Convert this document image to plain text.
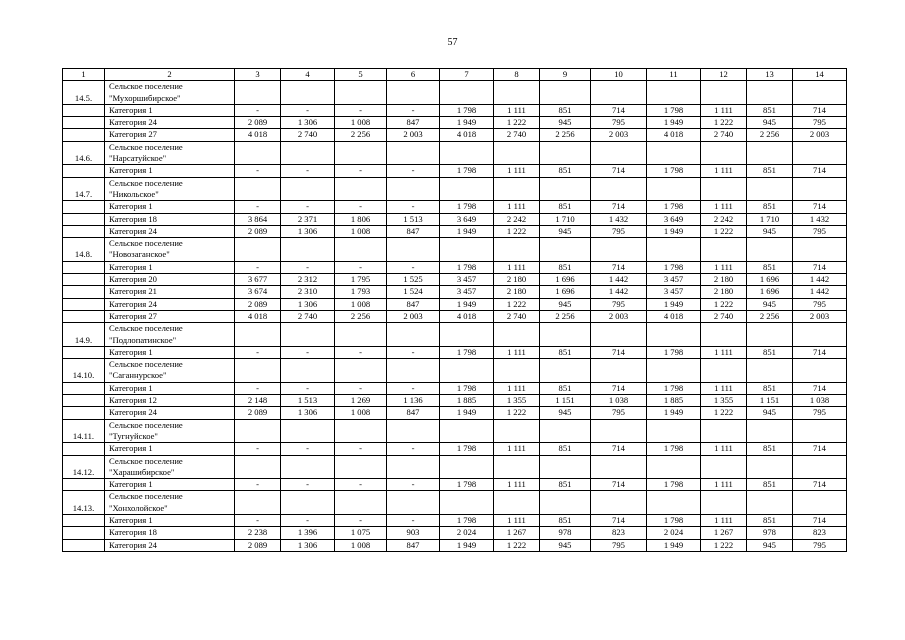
57
1	2	3	4	5	6	7	8	9	10	11	12	13	14
14.5.	Сельское поселение "Мухоршибирское"												
	Категория 1	-	-	-	-	1 798	1 111	851	714	1 798	1 111	851	714
	Категория 24	2 089	1 306	1 008	847	1 949	1 222	945	795	1 949	1 222	945	795
	Категория 27	4 018	2 740	2 256	2 003	4 018	2 740	2 256	2 003	4 018	2 740	2 256	2 003
14.6.	Сельское поселение "Нарсатуйское"												
	Категория 1	-	-	-	-	1 798	1 111	851	714	1 798	1 111	851	714
14.7.	Сельское поселение "Никольское"												
	Категория 1	-	-	-	-	1 798	1 111	851	714	1 798	1 111	851	714
	Категория 18	3 864	2 371	1 806	1 513	3 649	2 242	1 710	1 432	3 649	2 242	1 710	1 432
	Категория 24	2 089	1 306	1 008	847	1 949	1 222	945	795	1 949	1 222	945	795
14.8.	Сельское поселение "Новозаганское"												
	Категория 1	-	-	-	-	1 798	1 111	851	714	1 798	1 111	851	714
	Категория 20	3 677	2 312	1 795	1 525	3 457	2 180	1 696	1 442	3 457	2 180	1 696	1 442
	Категория 21	3 674	2 310	1 793	1 524	3 457	2 180	1 696	1 442	3 457	2 180	1 696	1 442
	Категория 24	2 089	1 306	1 008	847	1 949	1 222	945	795	1 949	1 222	945	795
	Категория 27	4 018	2 740	2 256	2 003	4 018	2 740	2 256	2 003	4 018	2 740	2 256	2 003
14.9.	Сельское поселение "Подлопатинское"												
	Категория 1	-	-	-	-	1 798	1 111	851	714	1 798	1 111	851	714
14.10.	Сельское поселение "Саганнурское"												
	Категория 1	-	-	-	-	1 798	1 111	851	714	1 798	1 111	851	714
	Категория 12	2 148	1 513	1 269	1 136	1 885	1 355	1 151	1 038	1 885	1 355	1 151	1 038
	Категория 24	2 089	1 306	1 008	847	1 949	1 222	945	795	1 949	1 222	945	795
14.11.	Сельское поселение "Тугнуйское"												
	Категория 1	-	-	-	-	1 798	1 111	851	714	1 798	1 111	851	714
14.12.	Сельское поселение "Харашибирское"												
	Категория 1	-	-	-	-	1 798	1 111	851	714	1 798	1 111	851	714
14.13.	Сельское поселение "Хонхолойское"												
	Категория 1	-	-	-	-	1 798	1 111	851	714	1 798	1 111	851	714
	Категория 18	2 238	1 396	1 075	903	2 024	1 267	978	823	2 024	1 267	978	823
	Категория 24	2 089	1 306	1 008	847	1 949	1 222	945	795	1 949	1 222	945	795
